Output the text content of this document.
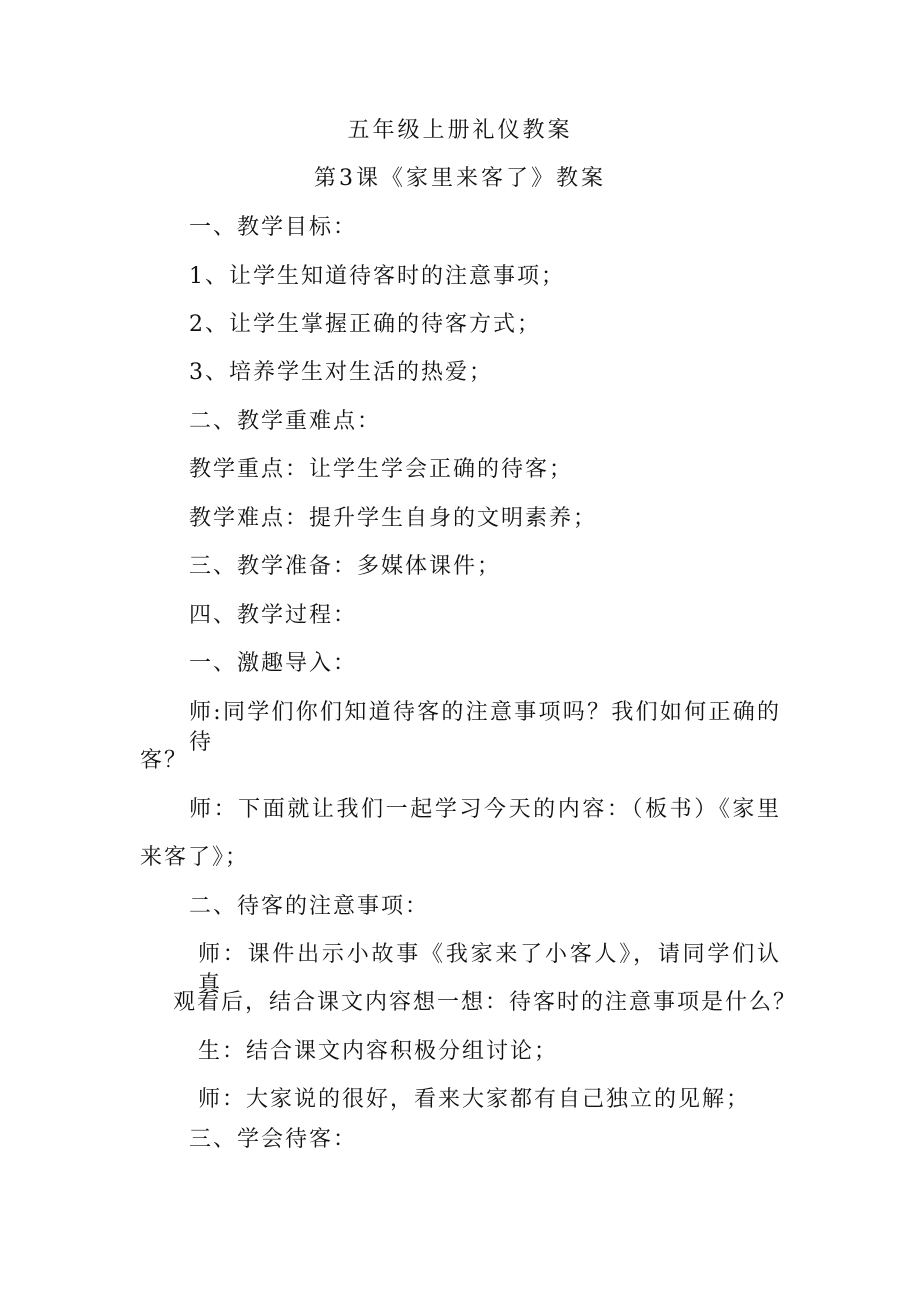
五年级上册礼仪教案
第3课《家里来客了》教案
一、教学目标：
1、让学生知道待客时的注意事项；
2、让学生掌握正确的待客方式；
3、培养学生对生活的热爱；
二、教学重难点：
教学重点：让学生学会正确的待客；
教学难点：提升学生自身的文明素养；
三、教学准备：多媒体课件；
四、教学过程：
一、激趣导入：
师:同学们你们知道待客的注意事项吗？我们如何正确的待
客？
师：下面就让我们一起学习今天的内容：（板书）《家里
来客了》；
二、待客的注意事项：
师：课件出示小故事《我家来了小客人》，请同学们认真
观看后，结合课文内容想一想：待客时的注意事项是什么？
生：结合课文内容积极分组讨论；
师：大家说的很好，看来大家都有自己独立的见解；
三、学会待客：
